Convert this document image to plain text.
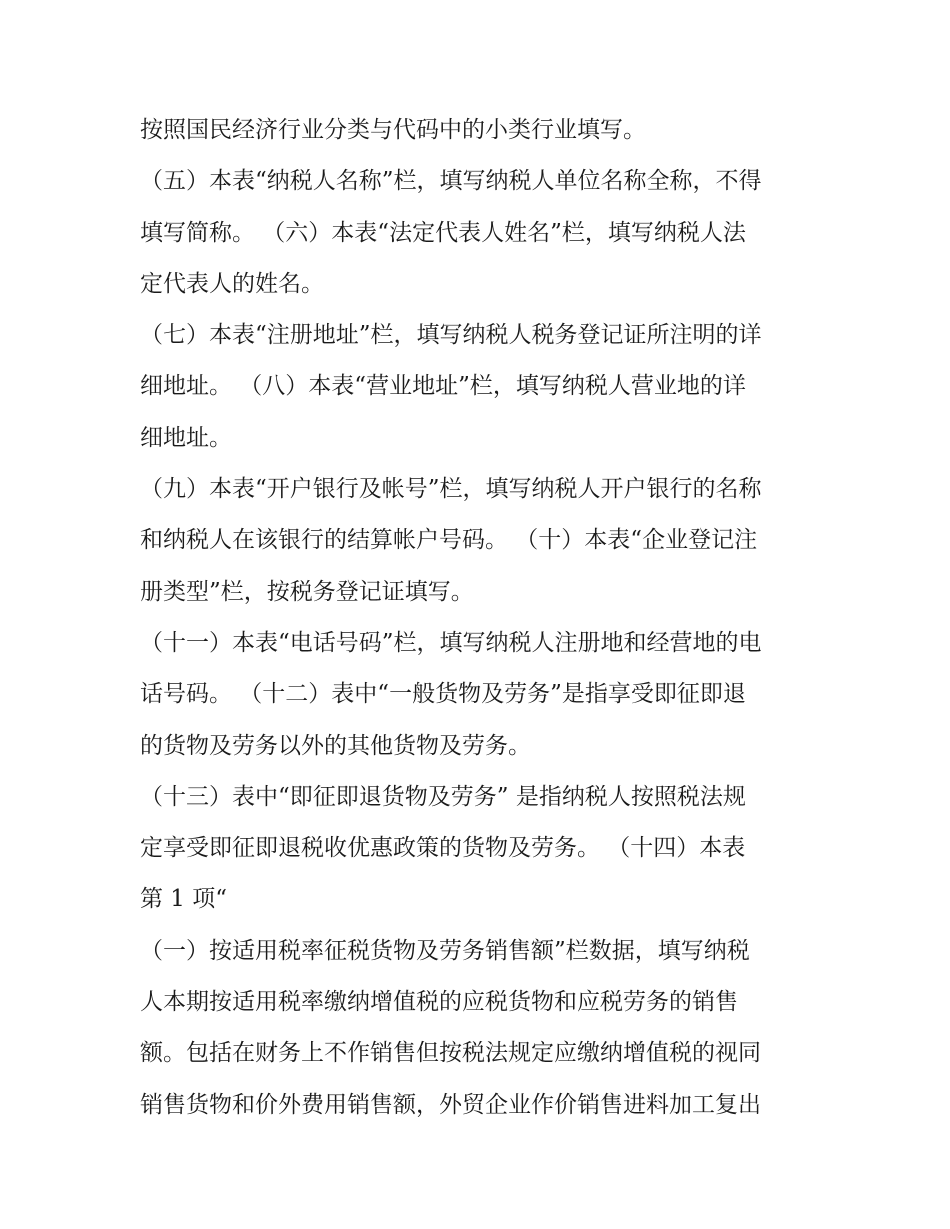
按照国民经济行业分类与代码中的小类行业填写。
（五）本表“纳税人名称”栏，填写纳税人单位名称全称，不得
填写简称。 （六）本表“法定代表人姓名”栏，填写纳税人法
定代表人的姓名。
（七）本表“注册地址”栏，填写纳税人税务登记证所注明的详
细地址。 （八）本表“营业地址”栏，填写纳税人营业地的详
细地址。
（九）本表“开户银行及帐号”栏，填写纳税人开户银行的名称
和纳税人在该银行的结算帐户号码。 （十）本表“企业登记注
册类型”栏，按税务登记证填写。
（十一）本表“电话号码”栏，填写纳税人注册地和经营地的电
话号码。 （十二）表中“一般货物及劳务”是指享受即征即退
的货物及劳务以外的其他货物及劳务。
（十三）表中“即征即退货物及劳务” 是指纳税人按照税法规
定享受即征即退税收优惠政策的货物及劳务。 （十四）本表
第 1 项“
（一）按适用税率征税货物及劳务销售额”栏数据，填写纳税
人本期按适用税率缴纳增值税的应税货物和应税劳务的销售
额。包括在财务上不作销售但按税法规定应缴纳增值税的视同
销售货物和价外费用销售额，外贸企业作价销售进料加工复出
